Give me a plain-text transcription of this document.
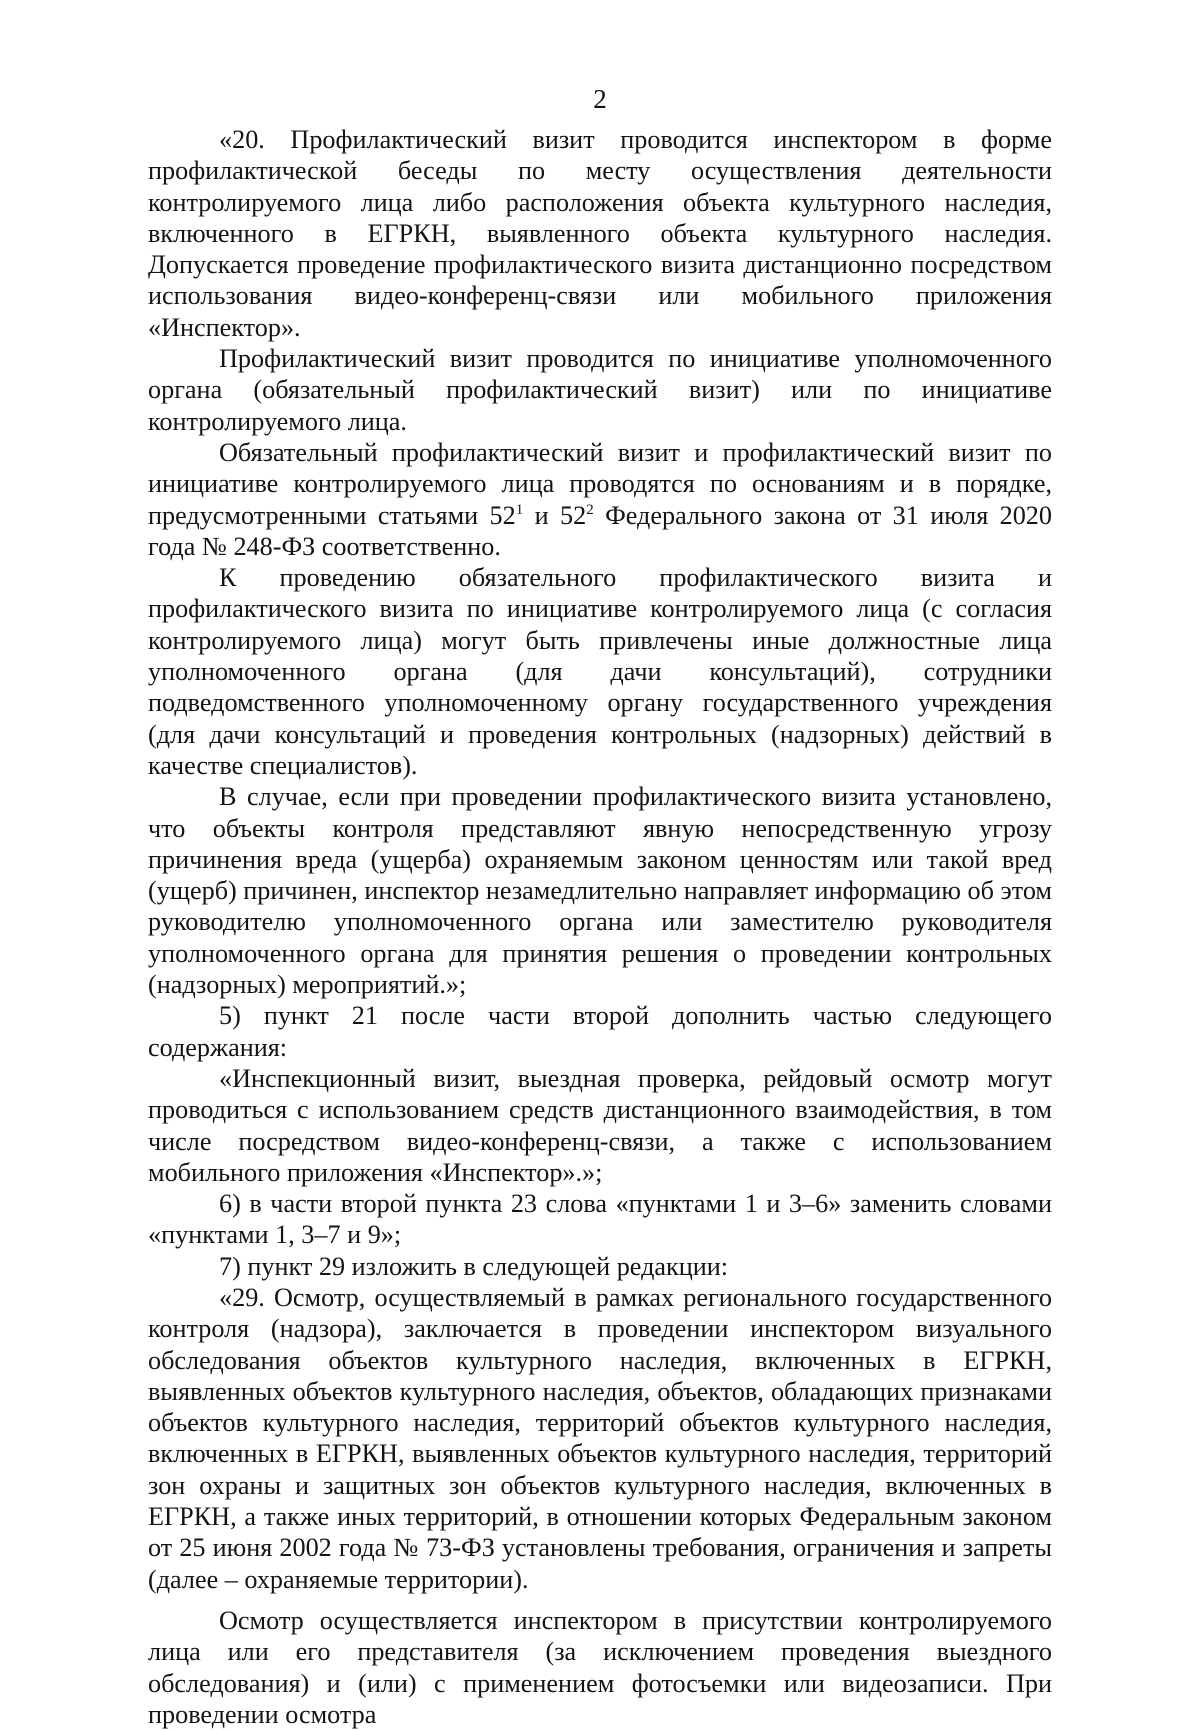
2

«20. Профилактический визит проводится инспектором в форме профилактической беседы по месту осуществления деятельности контролируемого лица либо расположения объекта культурного наследия, включенного в ЕГРКН, выявленного объекта культурного наследия. Допускается проведение профилактического визита дистанционно посредством использования видео-конференц-связи или мобильного приложения «Инспектор».

Профилактический визит проводится по инициативе уполномоченного органа (обязательный профилактический визит) или по инициативе контролируемого лица.

Обязательный профилактический визит и профилактический визит по инициативе контролируемого лица проводятся по основаниям и в порядке, предусмотренными статьями $52^1$ и $52^2$ Федерального закона от 31 июля 2020 года № 248-ФЗ соответственно.

К проведению обязательного профилактического визита и профилактического визита по инициативе контролируемого лица (с согласия контролируемого лица) могут быть привлечены иные должностные лица уполномоченного органа (для дачи консультаций), сотрудники подведомственного уполномоченному органу государственного учреждения (для дачи консультаций и проведения контрольных (надзорных) действий в качестве специалистов).

В случае, если при проведении профилактического визита установлено, что объекты контроля представляют явную непосредственную угрозу причинения вреда (ущерба) охраняемым законом ценностям или такой вред (ущерб) причинен, инспектор незамедлительно направляет информацию об этом руководителю уполномоченного органа или заместителю руководителя уполномоченного органа для принятия решения о проведении контрольных (надзорных) мероприятий.»;

5) пункт 21 после части второй дополнить частью следующего содержания:

«Инспекционный визит, выездная проверка, рейдовый осмотр могут проводиться с использованием средств дистанционного взаимодействия, в том числе посредством видео-конференц-связи, а также с использованием мобильного приложения «Инспектор».»;

6) в части второй пункта 23 слова «пунктами 1 и 3–6» заменить словами «пунктами 1, 3–7 и 9»;

7) пункт 29 изложить в следующей редакции:

«29. Осмотр, осуществляемый в рамках регионального государственного контроля (надзора), заключается в проведении инспектором визуального обследования объектов культурного наследия, включенных в ЕГРКН, выявленных объектов культурного наследия, объектов, обладающих признаками объектов культурного наследия, территорий объектов культурного наследия, включенных в ЕГРКН, выявленных объектов культурного наследия, территорий зон охраны и защитных зон объектов культурного наследия, включенных в ЕГРКН, а также иных территорий, в отношении которых Федеральным законом от 25 июня 2002 года № 73-ФЗ установлены требования, ограничения и запреты (далее – охраняемые территории).

Осмотр осуществляется инспектором в присутствии контролируемого лица или его представителя (за исключением проведения выездного обследования) и (или) с применением фотосъемки или видеозаписи. При проведении осмотра
